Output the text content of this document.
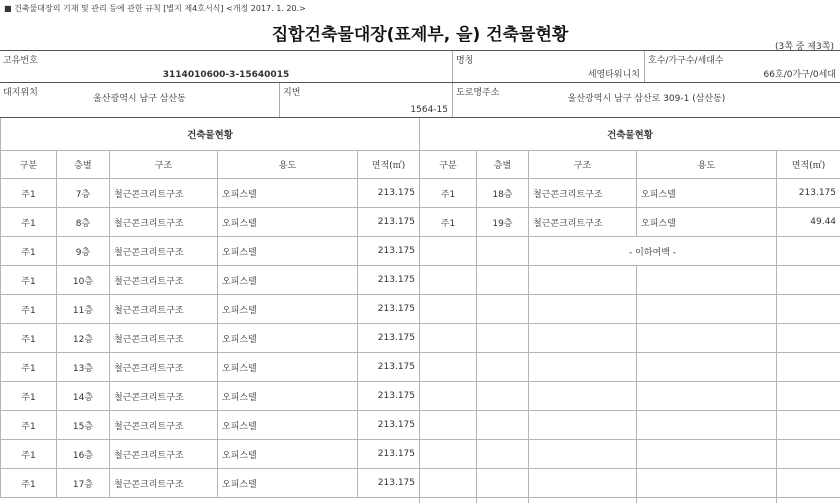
■ 건축물대장의 기재 및 관리 등에 관한 규칙 [별지 제4호서식] <개정 2017. 1. 20.>
집합건축물대장(표제부, 을) 건축물현황
(3쪽 중 제3쪽)
고유번호
3114010600-3-15640015
명칭
세영타워니치
호수/가구수/세대수
66호/0가구/0세대
대지위치
울산광역시 남구 삼산동
지번
1564-15
도로명주소
울산광역시 남구 삼산로 309-1 (삼산동)
건축물현황				
구분	층별	구조	용도	면적(㎡)
주1	7층	철근콘크리트구조	오피스텔	213.175
주1	8층	철근콘크리트구조	오피스텔	213.175
주1	9층	철근콘크리트구조	오피스텔	213.175
주1	10층	철근콘크리트구조	오피스텔	213.175
주1	11층	철근콘크리트구조	오피스텔	213.175
주1	12층	철근콘크리트구조	오피스텔	213.175
주1	13층	철근콘크리트구조	오피스텔	213.175
주1	14층	철근콘크리트구조	오피스텔	213.175
주1	15층	철근콘크리트구조	오피스텔	213.175
주1	16층	철근콘크리트구조	오피스텔	213.175
주1	17층	철근콘크리트구조	오피스텔	213.175
건축물현황				
구분	층별	구조	용도	면적(㎡)
주1	18층	철근콘크리트구조	오피스텔	213.175
주1	19층	철근콘크리트구조	오피스텔	49.44
		- 이하여백 -		
